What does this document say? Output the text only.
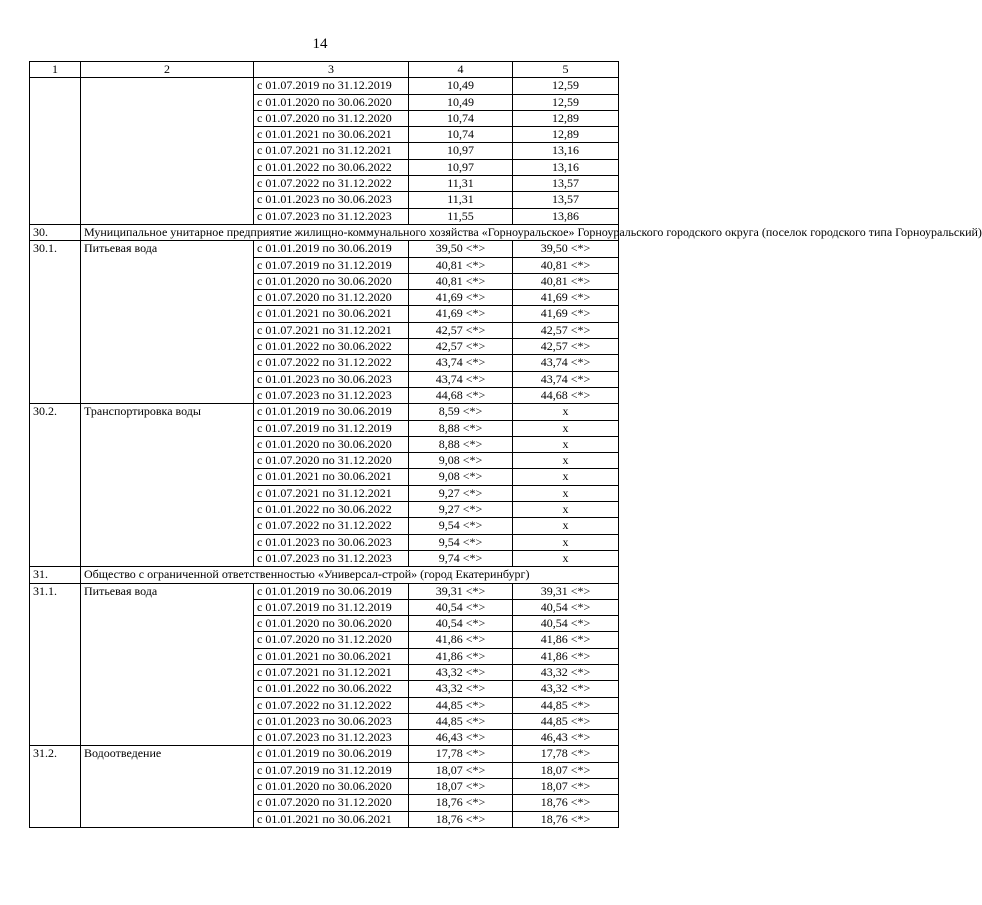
14
1	2	3	4	5
		с 01.07.2019 по 31.12.2019	10,49	12,59
		с 01.01.2020 по 30.06.2020	10,49	12,59
		с 01.07.2020 по 31.12.2020	10,74	12,89
		с 01.01.2021 по 30.06.2021	10,74	12,89
		с 01.07.2021 по 31.12.2021	10,97	13,16
		с 01.01.2022 по 30.06.2022	10,97	13,16
		с 01.07.2022 по 31.12.2022	11,31	13,57
		с 01.01.2023 по 30.06.2023	11,31	13,57
		с 01.07.2023 по 31.12.2023	11,55	13,86
30.	Муниципальное унитарное предприятие жилищно-коммунального хозяйства «Горноуральское» Горноуральского городского округа (поселок городского типа Горноуральский)			
30.1.	Питьевая вода	с 01.01.2019 по 30.06.2019	39,50 <*>	39,50 <*>
		с 01.07.2019 по 31.12.2019	40,81 <*>	40,81 <*>
		с 01.01.2020 по 30.06.2020	40,81 <*>	40,81 <*>
		с 01.07.2020 по 31.12.2020	41,69 <*>	41,69 <*>
		с 01.01.2021 по 30.06.2021	41,69 <*>	41,69 <*>
		с 01.07.2021 по 31.12.2021	42,57 <*>	42,57 <*>
		с 01.01.2022 по 30.06.2022	42,57 <*>	42,57 <*>
		с 01.07.2022 по 31.12.2022	43,74 <*>	43,74 <*>
		с 01.01.2023 по 30.06.2023	43,74 <*>	43,74 <*>
		с 01.07.2023 по 31.12.2023	44,68 <*>	44,68 <*>
30.2.	Транспортировка воды	с 01.01.2019 по 30.06.2019	8,59 <*>	x
		с 01.07.2019 по 31.12.2019	8,88 <*>	x
		с 01.01.2020 по 30.06.2020	8,88 <*>	x
		с 01.07.2020 по 31.12.2020	9,08 <*>	x
		с 01.01.2021 по 30.06.2021	9,08 <*>	x
		с 01.07.2021 по 31.12.2021	9,27 <*>	x
		с 01.01.2022 по 30.06.2022	9,27 <*>	x
		с 01.07.2022 по 31.12.2022	9,54 <*>	x
		с 01.01.2023 по 30.06.2023	9,54 <*>	x
		с 01.07.2023 по 31.12.2023	9,74 <*>	x
31.	Общество с ограниченной ответственностью «Универсал-строй» (город Екатеринбург)			
31.1.	Питьевая вода	с 01.01.2019 по 30.06.2019	39,31 <*>	39,31 <*>
		с 01.07.2019 по 31.12.2019	40,54 <*>	40,54 <*>
		с 01.01.2020 по 30.06.2020	40,54 <*>	40,54 <*>
		с 01.07.2020 по 31.12.2020	41,86 <*>	41,86 <*>
		с 01.01.2021 по 30.06.2021	41,86 <*>	41,86 <*>
		с 01.07.2021 по 31.12.2021	43,32 <*>	43,32 <*>
		с 01.01.2022 по 30.06.2022	43,32 <*>	43,32 <*>
		с 01.07.2022 по 31.12.2022	44,85 <*>	44,85 <*>
		с 01.01.2023 по 30.06.2023	44,85 <*>	44,85 <*>
		с 01.07.2023 по 31.12.2023	46,43 <*>	46,43 <*>
31.2.	Водоотведение	с 01.01.2019 по 30.06.2019	17,78 <*>	17,78 <*>
		с 01.07.2019 по 31.12.2019	18,07 <*>	18,07 <*>
		с 01.01.2020 по 30.06.2020	18,07 <*>	18,07 <*>
		с 01.07.2020 по 31.12.2020	18,76 <*>	18,76 <*>
		с 01.01.2021 по 30.06.2021	18,76 <*>	18,76 <*>
